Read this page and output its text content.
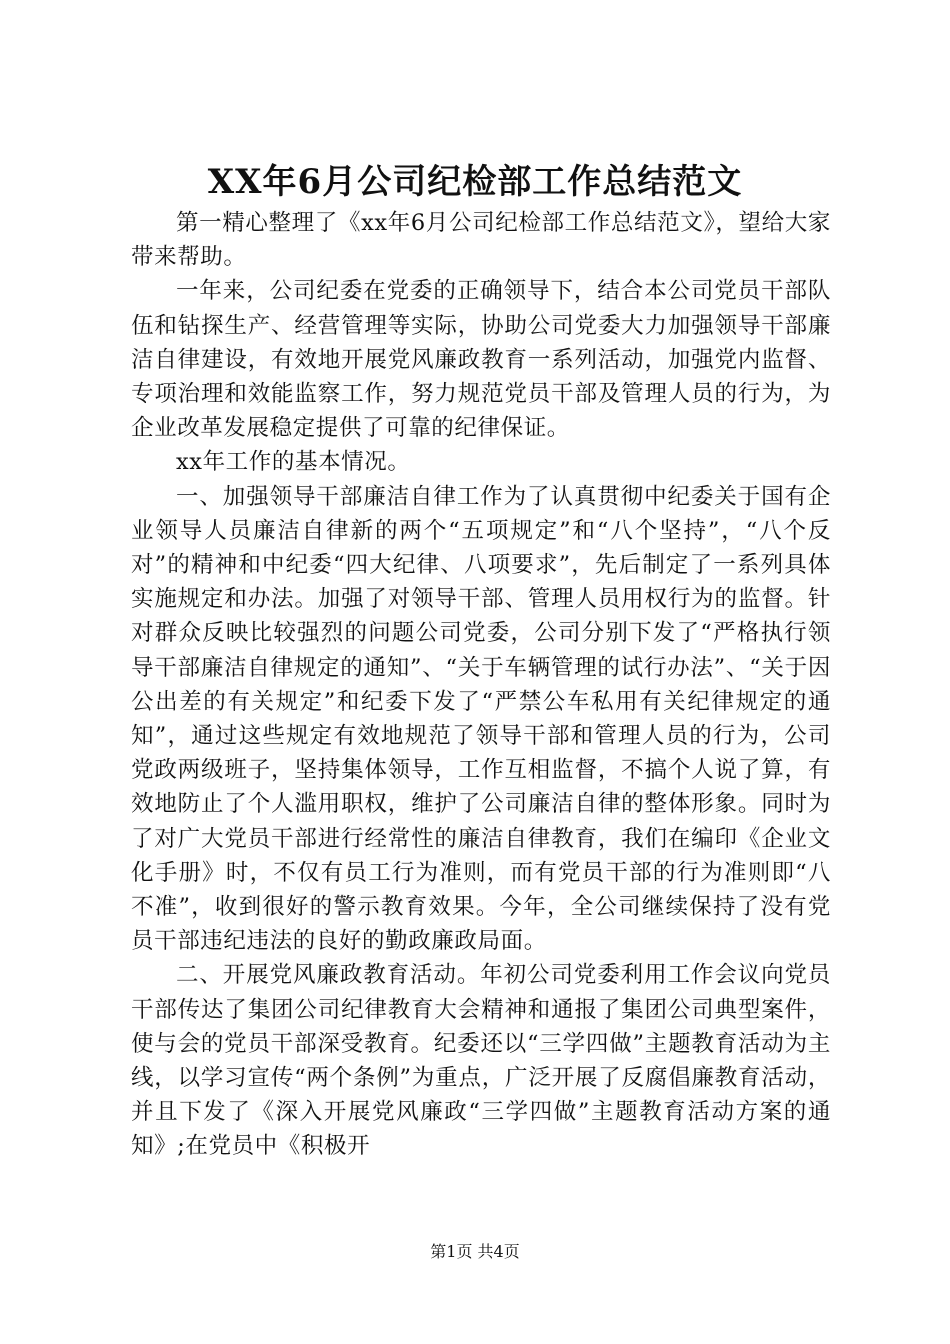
XX年6月公司纪检部工作总结范文

第一精心整理了《xx年6月公司纪检部工作总结范文》，望给大家带来帮助。

一年来，公司纪委在党委的正确领导下，结合本公司党员干部队伍和钻探生产、经营管理等实际，协助公司党委大力加强领导干部廉洁自律建设，有效地开展党风廉政教育一系列活动，加强党内监督、专项治理和效能监察工作，努力规范党员干部及管理人员的行为，为企业改革发展稳定提供了可靠的纪律保证。

xx年工作的基本情况。

一、加强领导干部廉洁自律工作为了认真贯彻中纪委关于国有企业领导人员廉洁自律新的两个“五项规定”和“八个坚持”，“八个反对”的精神和中纪委“四大纪律、八项要求”，先后制定了一系列具体实施规定和办法。加强了对领导干部、管理人员用权行为的监督。针对群众反映比较强烈的问题公司党委，公司分别下发了“严格执行领导干部廉洁自律规定的通知”、“关于车辆管理的试行办法”、“关于因公出差的有关规定”和纪委下发了“严禁公车私用有关纪律规定的通知”，通过这些规定有效地规范了领导干部和管理人员的行为，公司党政两级班子，坚持集体领导，工作互相监督，不搞个人说了算，有效地防止了个人滥用职权，维护了公司廉洁自律的整体形象。同时为了对广大党员干部进行经常性的廉洁自律教育，我们在编印《企业文化手册》时，不仅有员工行为准则，而有党员干部的行为准则即“八不准”，收到很好的警示教育效果。今年，全公司继续保持了没有党员干部违纪违法的良好的勤政廉政局面。

二、开展党风廉政教育活动。年初公司党委利用工作会议向党员干部传达了集团公司纪律教育大会精神和通报了集团公司典型案件，使与会的党员干部深受教育。纪委还以“三学四做”主题教育活动为主线，以学习宣传“两个条例”为重点，广泛开展了反腐倡廉教育活动，并且下发了《深入开展党风廉政“三学四做”主题教育活动方案的通知》;在党员中《积极开

第1页 共4页
